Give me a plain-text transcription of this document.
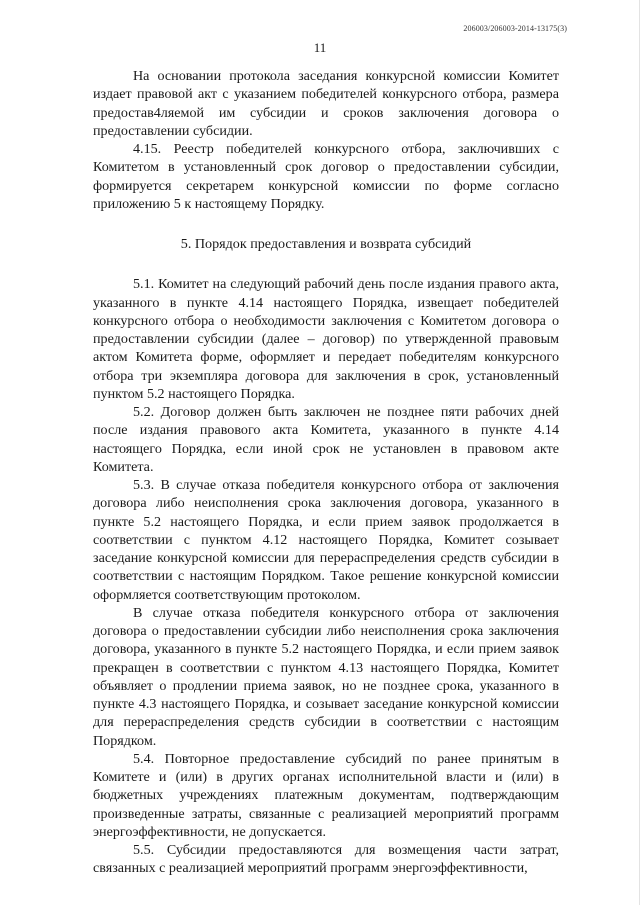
206003/206003-2014-13175(3)
11

На основании протокола заседания конкурсной комиссии Комитет издает правовой акт с указанием победителей конкурсного отбора, размера предостав4ляемой им субсидии и сроков заключения договора о предоставлении субсидии.

4.15. Реестр победителей конкурсного отбора, заключивших с Комитетом в установленный срок договор о предоставлении субсидии, формируется секретарем конкурсной комиссии по форме согласно приложению 5 к настоящему Порядку.

5. Порядок предоставления и возврата субсидий

5.1. Комитет на следующий рабочий день после издания правого акта, указанного в пункте 4.14 настоящего Порядка, извещает победителей конкурсного отбора о необходимости заключения с Комитетом договора о предоставлении субсидии (далее – договор) по утвержденной правовым актом Комитета форме, оформляет и передает победителям конкурсного отбора три экземпляра договора для заключения в срок, установленный пунктом 5.2 настоящего Порядка.

5.2. Договор должен быть заключен не позднее пяти рабочих дней после издания правового акта Комитета, указанного в пункте 4.14 настоящего Порядка, если иной срок не установлен в правовом акте Комитета.

5.3. В случае отказа победителя конкурсного отбора от заключения договора либо неисполнения срока заключения договора, указанного в пункте 5.2 настоящего Порядка, и если прием заявок продолжается в соответствии с пунктом 4.12 настоящего Порядка, Комитет созывает заседание конкурсной комиссии для перераспределения средств субсидии в соответствии с настоящим Порядком. Такое решение конкурсной комиссии оформляется соответствующим протоколом.

В случае отказа победителя конкурсного отбора от заключения договора о предоставлении субсидии либо неисполнения срока заключения договора, указанного в пункте 5.2 настоящего Порядка, и если прием заявок прекращен в соответствии с пунктом 4.13 настоящего Порядка, Комитет объявляет о продлении приема заявок, но не позднее срока, указанного в пункте 4.3 настоящего Порядка, и созывает заседание конкурсной комиссии для перераспределения средств субсидии в соответствии с настоящим Порядком.

5.4. Повторное предоставление субсидий по ранее принятым в Комитете и (или) в других органах исполнительной власти и (или) в бюджетных учреждениях платежным документам, подтверждающим произведенные затраты, связанные с реализацией мероприятий программ энергоэффективности, не допускается.

5.5. Субсидии предоставляются для возмещения части затрат, связанных с реализацией мероприятий программ энергоэффективности,
